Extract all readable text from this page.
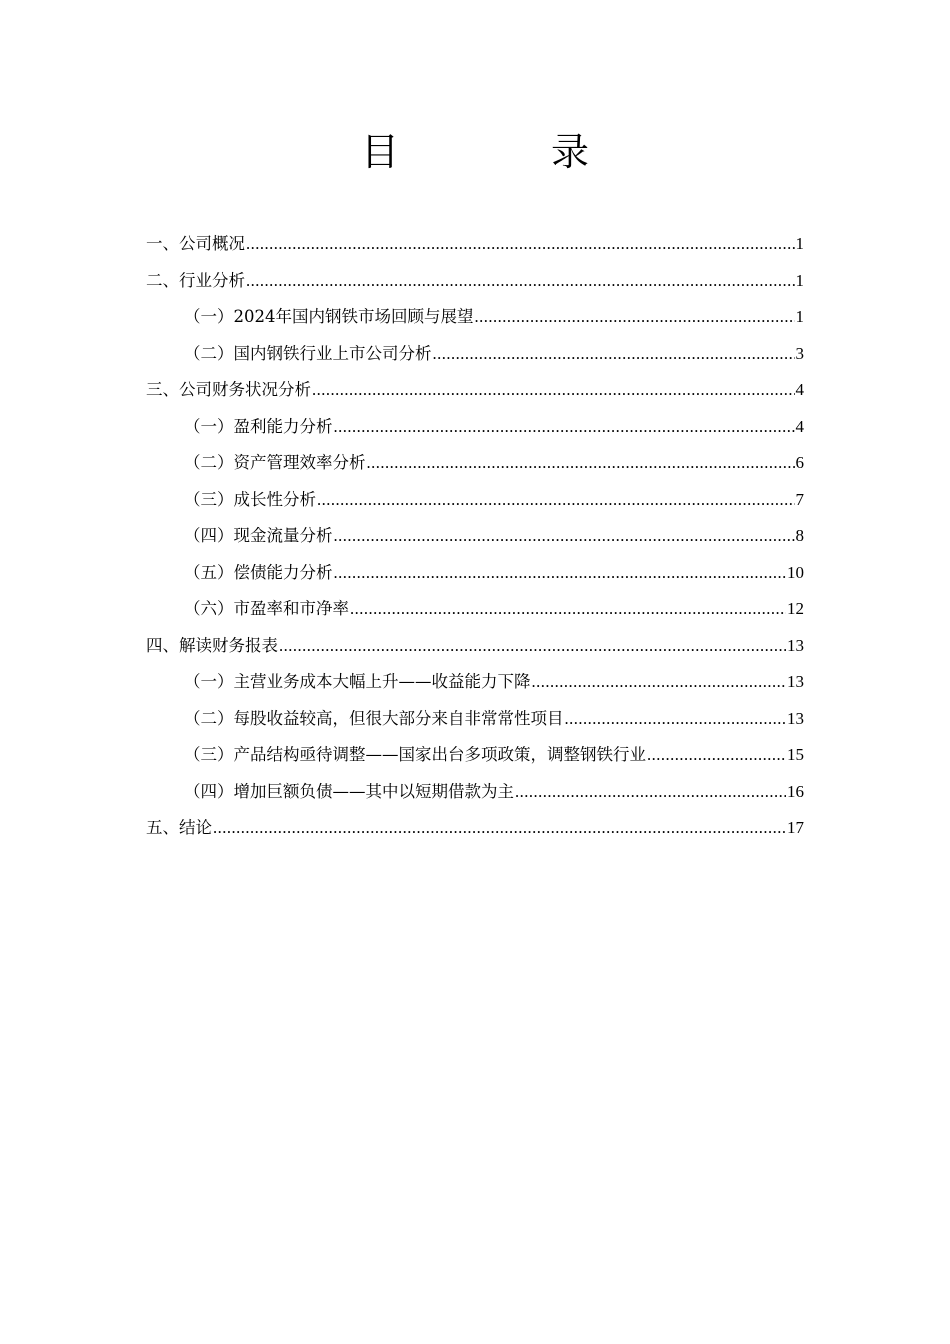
目 录
一、公司概况 .....	1
二、行业分析 .....	1
（一）2024年国内钢铁市场回顾与展望 .....	1
（二）国内钢铁行业上市公司分析 .....	3
三、公司财务状况分析 .....	4
（一）盈利能力分析 .....	4
（二）资产管理效率分析 .....	6
（三）成长性分析 .....	7
（四）现金流量分析 .....	8
（五）偿债能力分析 .....	10
（六）市盈率和市净率 .....	12
四、解读财务报表 .....	13
（一）主营业务成本大幅上升——收益能力下降 .....	13
（二）每股收益较高，但很大部分来自非常常性项目 .....	13
（三）产品结构亟待调整——国家出台多项政策，调整钢铁行业 .....	15
（四）增加巨额负债——其中以短期借款为主 .....	16
五、结论 .....	17
